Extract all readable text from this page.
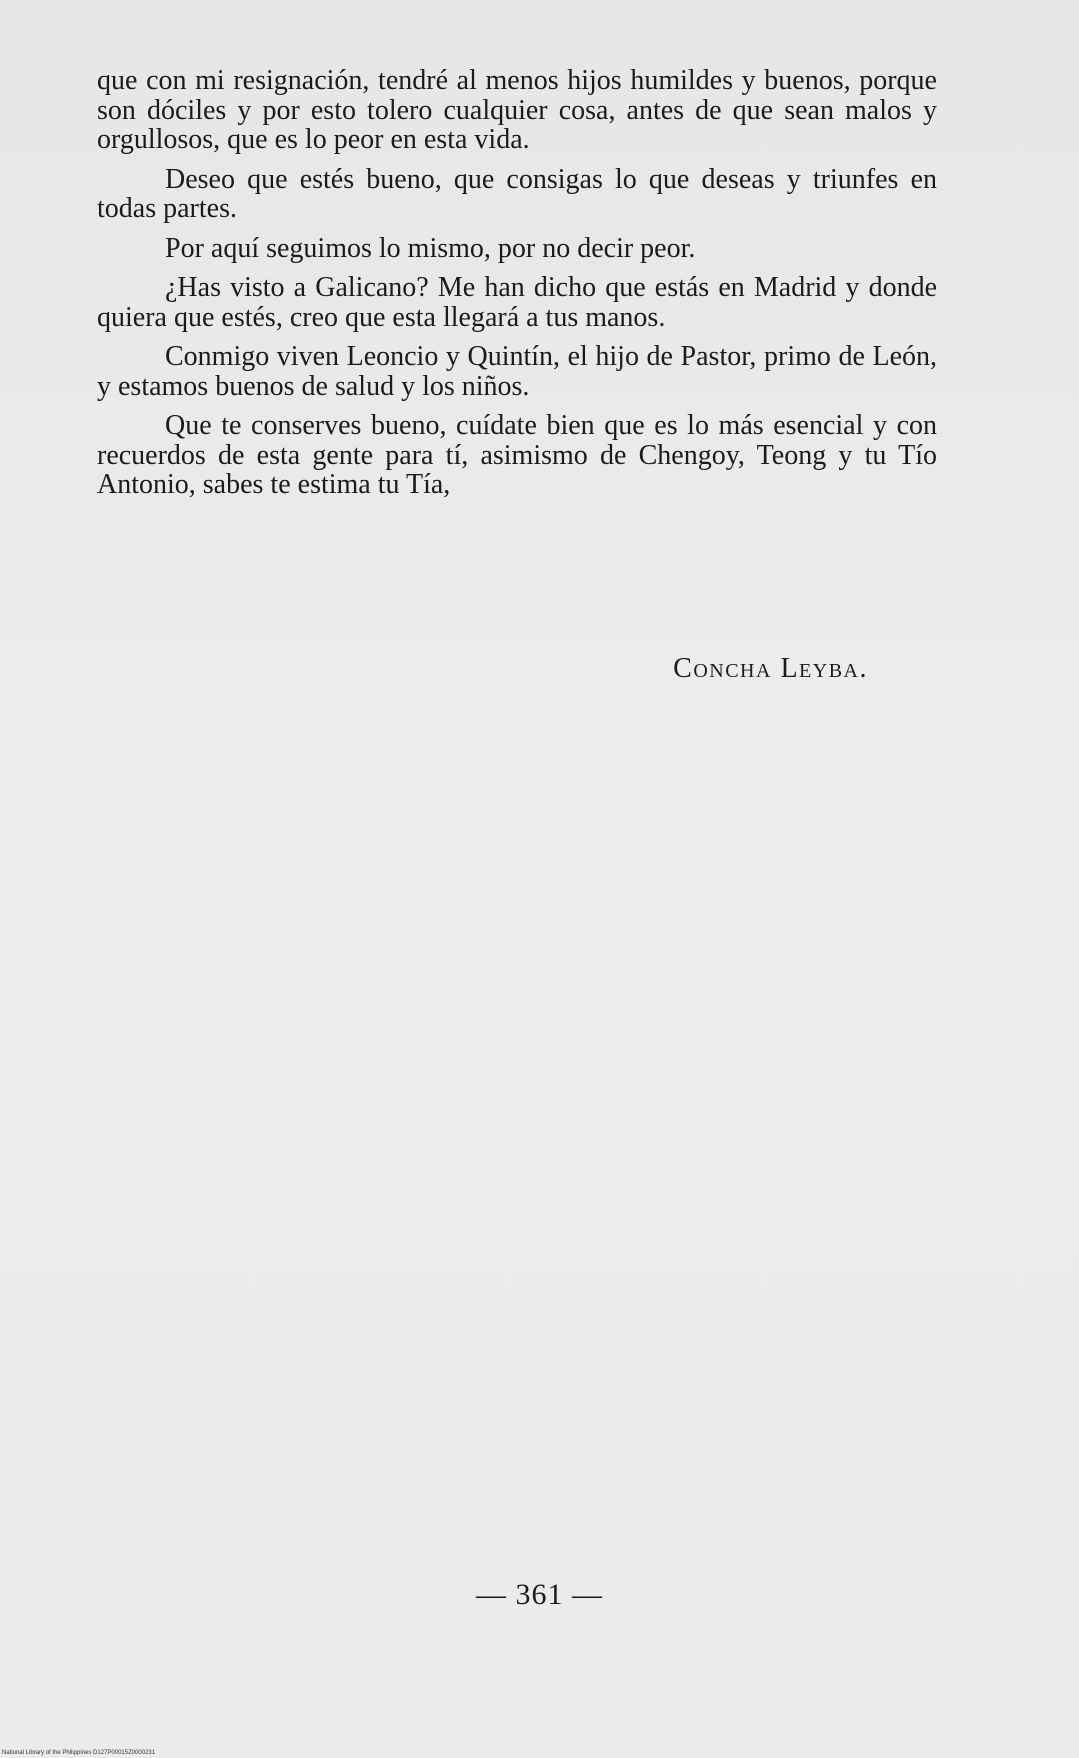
que con mi resignación, tendré al menos hijos humildes y buenos, porque son dóciles y por esto tolero cualquier cosa, antes de que sean malos y orgullosos, que es lo peor en esta vida.

Deseo que estés bueno, que consigas lo que deseas y triunfes en todas partes.

Por aquí seguimos lo mismo, por no decir peor.

¿Has visto a Galicano? Me han dicho que estás en Madrid y donde quiera que estés, creo que esta llegará a tus manos.

Conmigo viven Leoncio y Quintín, el hijo de Pastor, primo de León, y estamos buenos de salud y los niños.

Que te conserves bueno, cuídate bien que es lo más esencial y con recuerdos de esta gente para tí, asimismo de Chengoy, Teong y tu Tío Antonio, sabes te estima tu Tía,

Concha Leyba.
— 361 —
National Library of the Philippines D127P00015Z0000231
